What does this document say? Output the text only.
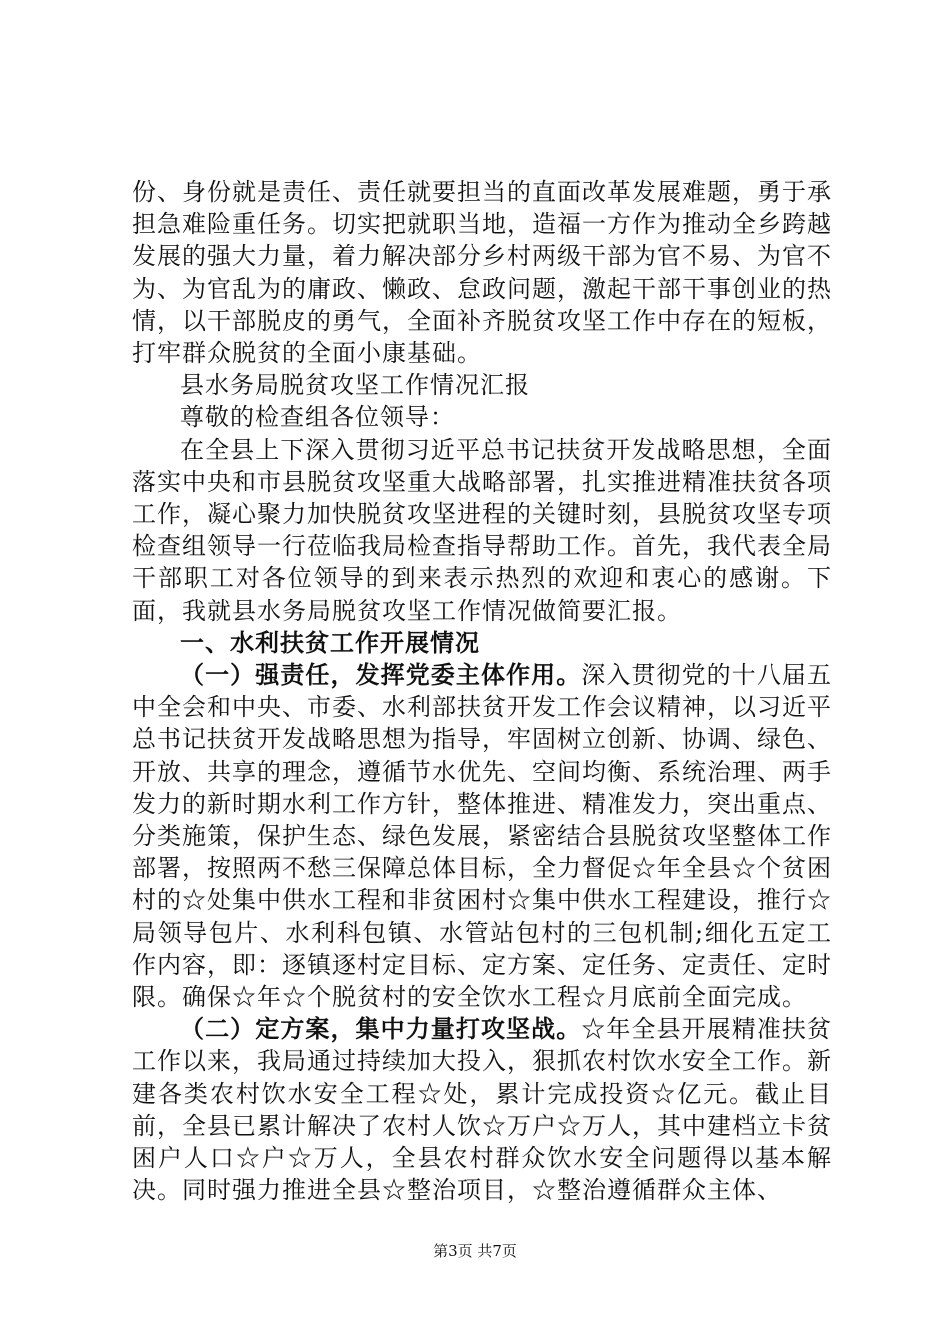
份、身份就是责任、责任就要担当的直面改革发展难题，勇于承担急难险重任务。切实把就职当地，造福一方作为推动全乡跨越发展的强大力量，着力解决部分乡村两级干部为官不易、为官不为、为官乱为的庸政、懒政、怠政问题，激起干部干事创业的热情，以干部脱皮的勇气，全面补齐脱贫攻坚工作中存在的短板，打牢群众脱贫的全面小康基础。

县水务局脱贫攻坚工作情况汇报

尊敬的检查组各位领导：

在全县上下深入贯彻习近平总书记扶贫开发战略思想，全面落实中央和市县脱贫攻坚重大战略部署，扎实推进精准扶贫各项工作，凝心聚力加快脱贫攻坚进程的关键时刻，县脱贫攻坚专项检查组领导一行莅临我局检查指导帮助工作。首先，我代表全局干部职工对各位领导的到来表示热烈的欢迎和衷心的感谢。下面，我就县水务局脱贫攻坚工作情况做简要汇报。

一、水利扶贫工作开展情况

（一）强责任，发挥党委主体作用。深入贯彻党的十八届五中全会和中央、市委、水利部扶贫开发工作会议精神，以习近平总书记扶贫开发战略思想为指导，牢固树立创新、协调、绿色、开放、共享的理念，遵循节水优先、空间均衡、系统治理、两手发力的新时期水利工作方针，整体推进、精准发力，突出重点、分类施策，保护生态、绿色发展，紧密结合县脱贫攻坚整体工作部署，按照两不愁三保障总体目标，全力督促☆年全县☆个贫困村的☆处集中供水工程和非贫困村☆集中供水工程建设，推行☆局领导包片、水利科包镇、水管站包村的三包机制;细化五定工作内容，即：逐镇逐村定目标、定方案、定任务、定责任、定时限。确保☆年☆个脱贫村的安全饮水工程☆月底前全面完成。

（二）定方案，集中力量打攻坚战。☆年全县开展精准扶贫工作以来，我局通过持续加大投入，狠抓农村饮水安全工作。新建各类农村饮水安全工程☆处，累计完成投资☆亿元。截止目前，全县已累计解决了农村人饮☆万户☆万人，其中建档立卡贫困户人口☆户☆万人，全县农村群众饮水安全问题得以基本解决。同时强力推进全县☆整治项目，☆整治遵循群众主体、

第3页 共7页
